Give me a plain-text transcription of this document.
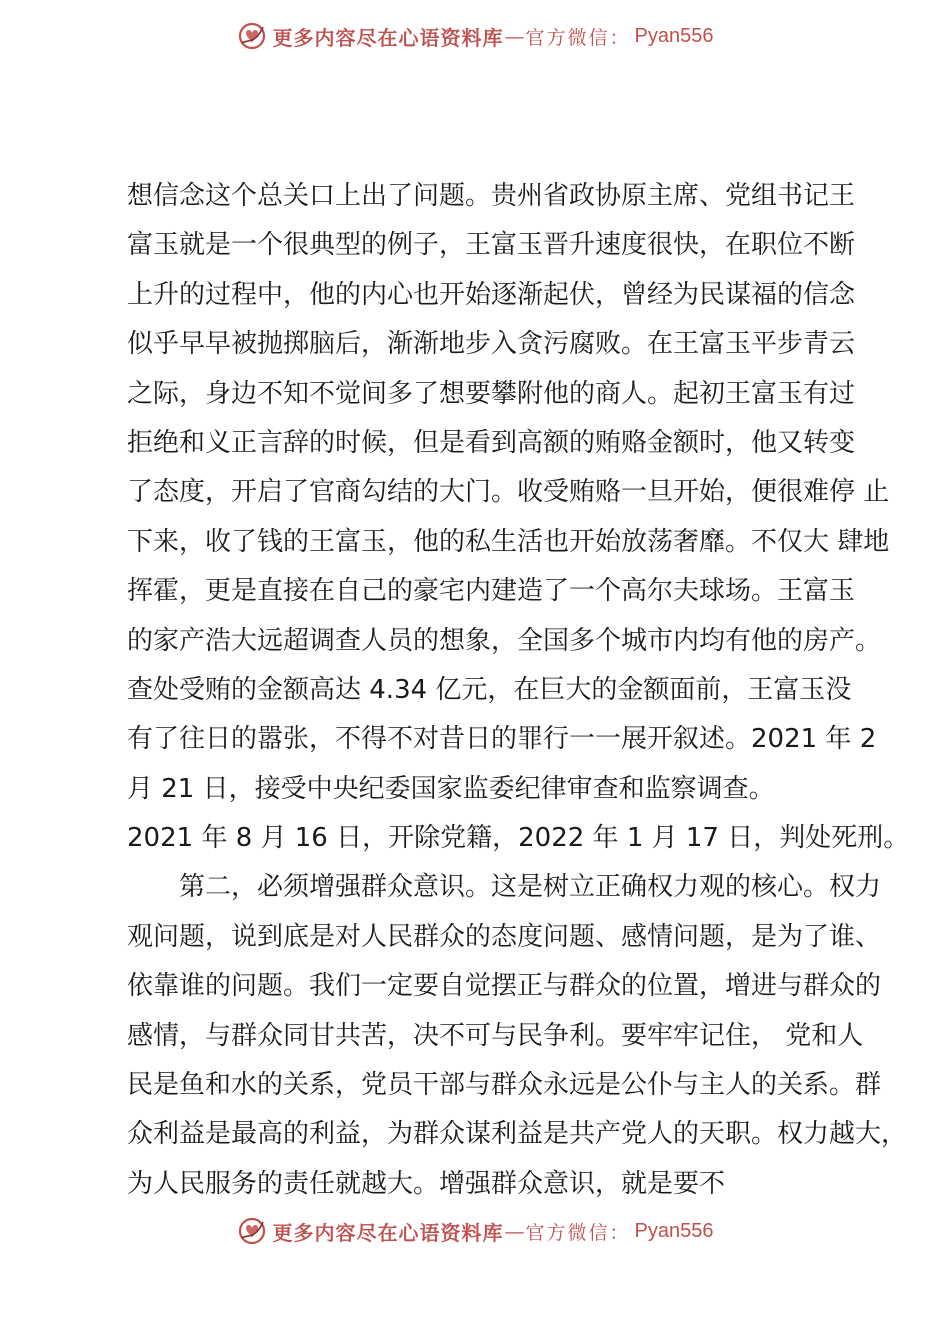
更多内容尽在心语资料库 — 官方微信： Pyan556
想信念这个总关口上出了问题。贵州省政协原主席、党组书记王
富玉就是一个很典型的例子，王富玉晋升速度很快，在职位不断
上升的过程中，他的内心也开始逐渐起伏，曾经为民谋福的信念
似乎早早被抛掷脑后，渐渐地步入贪污腐败。在王富玉平步青云
之际，身边不知不觉间多了想要攀附他的商人。起初王富玉有过
拒绝和义正言辞的时候，但是看到高额的贿赂金额时，他又转变
了态度，开启了官商勾结的大门。收受贿赂一旦开始，便很难停 止
下来，收了钱的王富玉，他的私生活也开始放荡奢靡。不仅大 肆地
挥霍，更是直接在自己的豪宅内建造了一个高尔夫球场。王富玉
的家产浩大远超调查人员的想象，全国多个城市内均有他的房产。
查处受贿的金额高达 4.34 亿元，在巨大的金额面前，王富玉没
有了往日的嚣张，不得不对昔日的罪行一一展开叙述。2021 年 2
月 21 日，接受中央纪委国家监委纪律审查和监察调查。
2021 年 8 月 16 日，开除党籍，2022 年 1 月 17 日，判处死刑。
　　第二，必须增强群众意识。这是树立正确权力观的核心。权力
观问题，说到底是对人民群众的态度问题、感情问题，是为了谁、
依靠谁的问题。我们一定要自觉摆正与群众的位置，增进与群众的
感情，与群众同甘共苦，决不可与民争利。要牢牢记住， 党和人
民是鱼和水的关系，党员干部与群众永远是公仆与主人的关系。群
众利益是最高的利益，为群众谋利益是共产党人的天职。权力越大，
为人民服务的责任就越大。增强群众意识，就是要不
更多内容尽在心语资料库 — 官方微信： Pyan556
